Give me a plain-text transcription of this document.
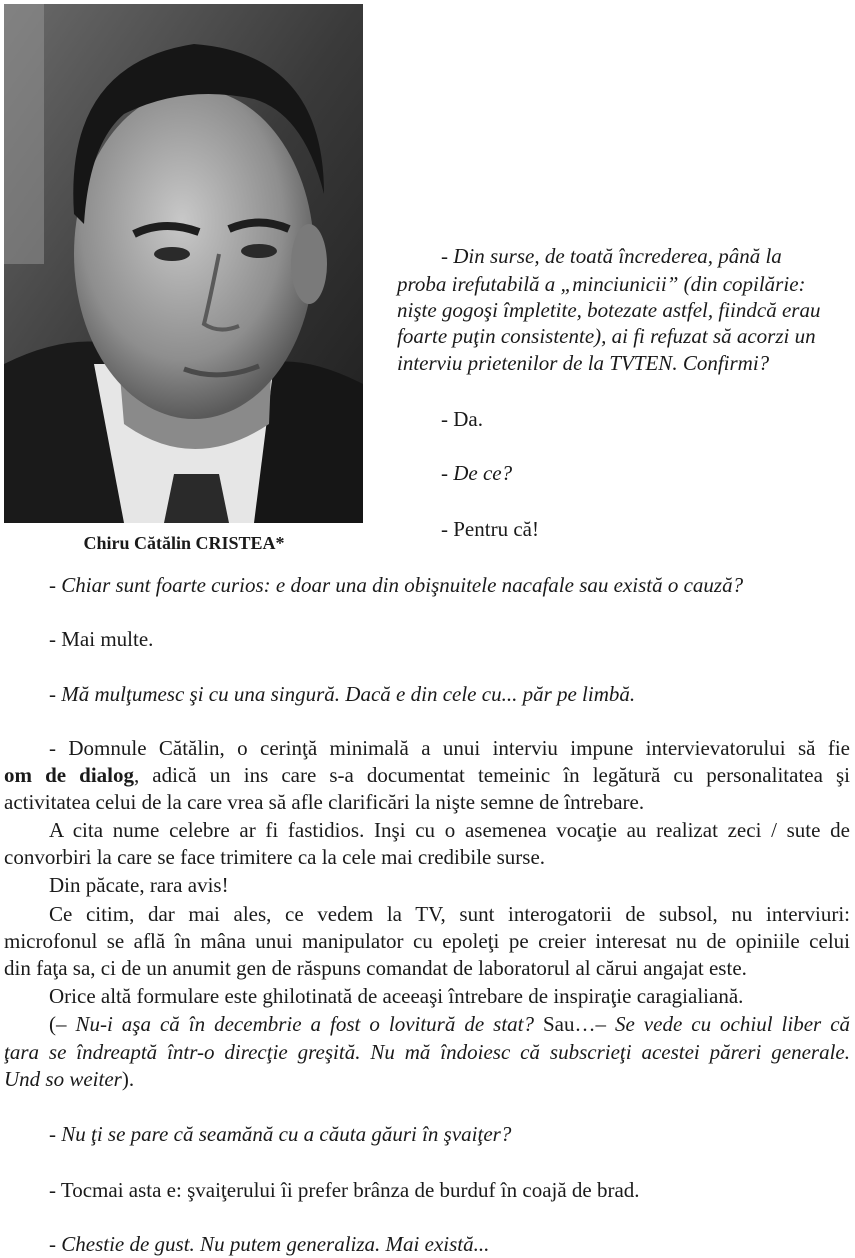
Chiru Cătălin CRISTEA*

- Din surse, de toată încrederea, până la

proba irefutabilă a „minciunicii” (din copilărie:

nişte gogoşi împletite, botezate astfel, fiindcă erau

foarte puţin consistente), ai fi refuzat să acorzi un

interviu prietenilor de la TVTEN. Confirmi?

- Da.

- De ce?

- Pentru că!

- Chiar sunt foarte curios: e doar una din obişnuitele nacafale sau există o cauză?

- Mai multe.

- Mă mulţumesc şi cu una singură. Dacă e din cele cu... păr pe limbă.

- Domnule Cătălin, o cerinţă minimală a unui interviu impune intervievatorului să fie

om de dialog, adică un ins care s-a documentat temeinic în legătură cu personalitatea şi

activitatea celui de la care vrea să afle clarificări la nişte semne de întrebare.

A cita nume celebre ar fi fastidios. Inşi cu o asemenea vocaţie au realizat zeci / sute de

convorbiri la care se face trimitere ca la cele mai credibile surse.

Din păcate, rara avis!

Ce citim, dar mai ales, ce vedem la TV, sunt interogatorii de subsol, nu interviuri:

microfonul se află în mâna unui manipulator cu epoleţi pe creier interesat nu de opiniile celui

din faţa sa, ci de un anumit gen de răspuns comandat de laboratorul al cărui angajat este.

Orice altă formulare este ghilotinată de aceeaşi întrebare de inspiraţie caragialiană.

(– Nu-i aşa că în decembrie a fost o lovitură de stat? Sau…– Se vede cu ochiul liber că

ţara se îndreaptă într-o direcţie greşită. Nu mă îndoiesc că subscrieţi acestei păreri generale.

Und so weiter).

- Nu ţi se pare că seamănă cu a căuta găuri în şvaiţer?

- Tocmai asta e: şvaiţerului îi prefer brânza de burduf în coajă de brad.

- Chestie de gust. Nu putem generaliza. Mai există...
